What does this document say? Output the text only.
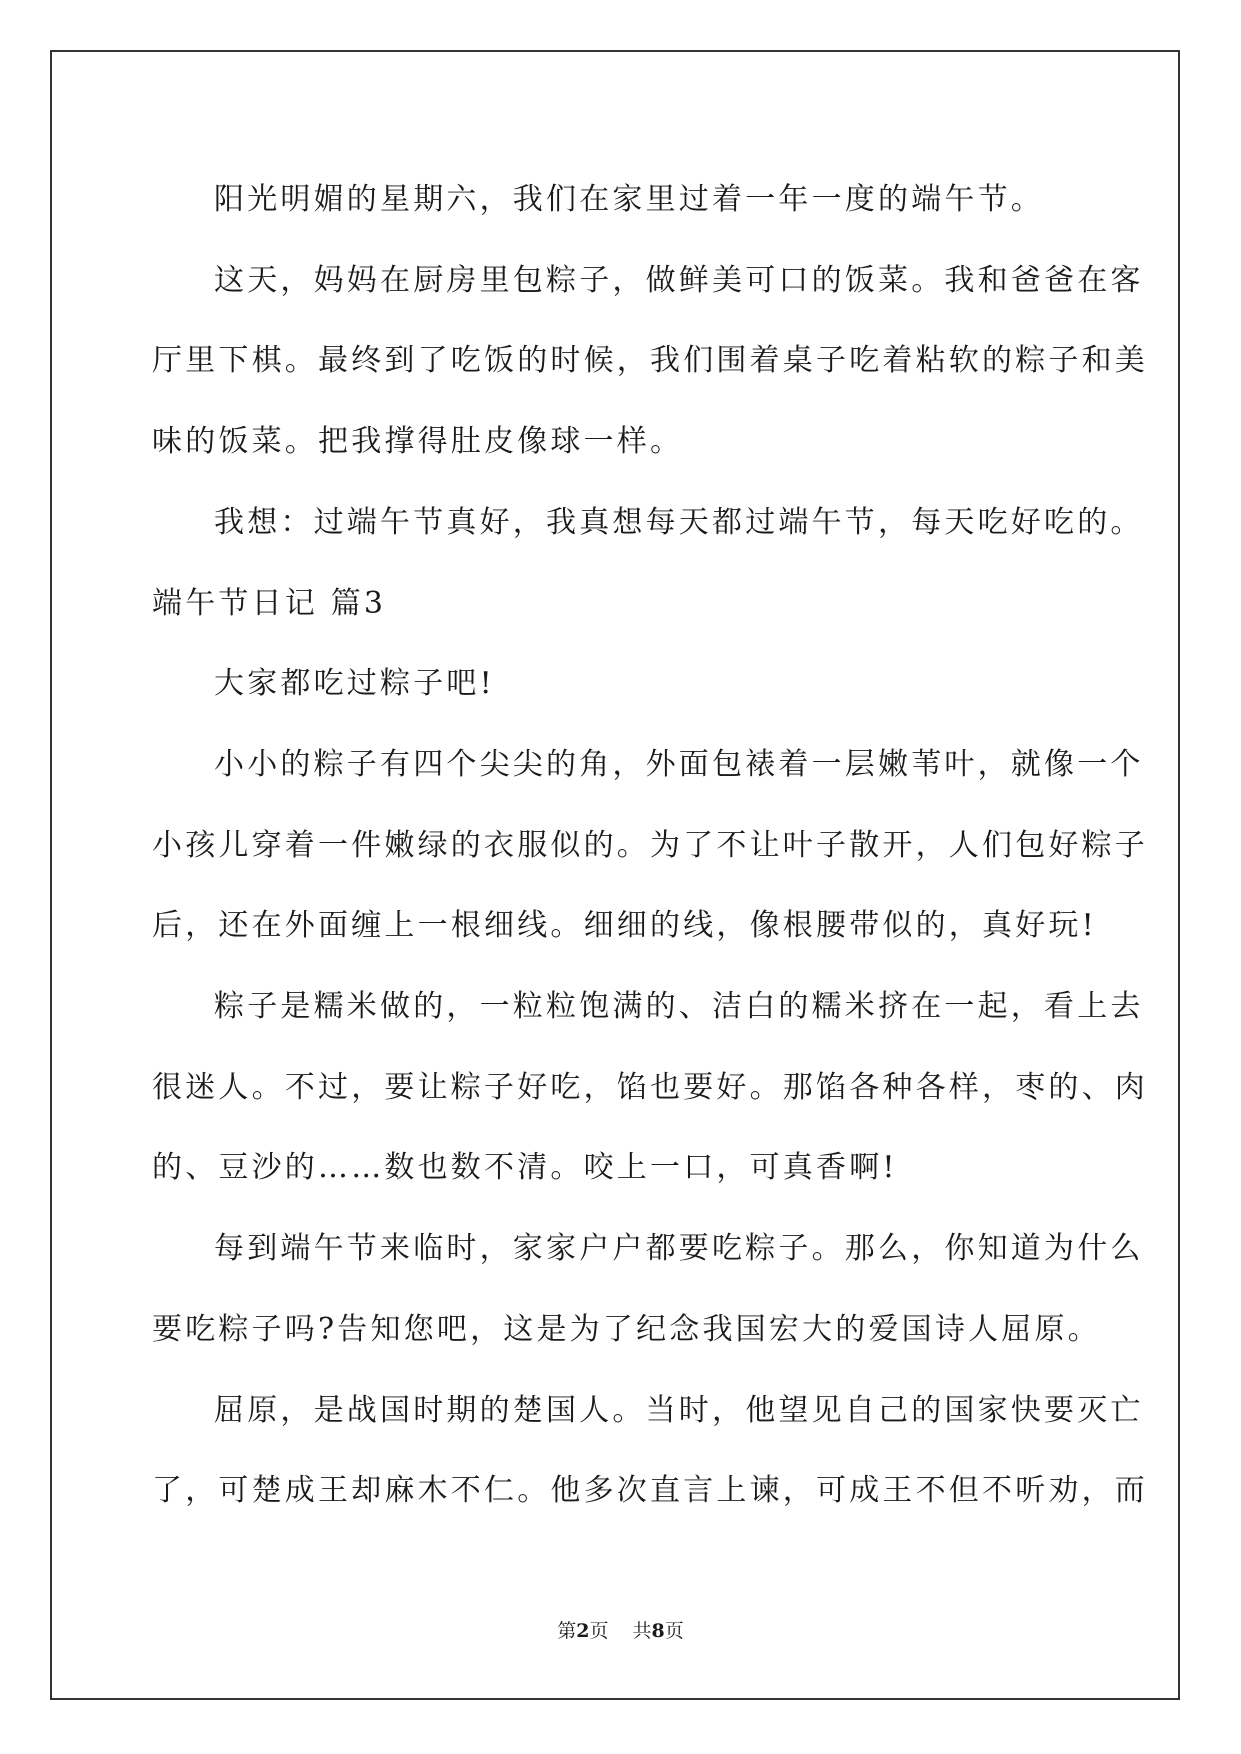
阳光明媚的星期六，我们在家里过着一年一度的端午节。

这天，妈妈在厨房里包粽子，做鲜美可口的饭菜。我和爸爸在客

厅里下棋。最终到了吃饭的时候，我们围着桌子吃着粘软的粽子和美

味的饭菜。把我撑得肚皮像球一样。

我想：过端午节真好，我真想每天都过端午节，每天吃好吃的。

端午节日记 篇3

大家都吃过粽子吧!

小小的粽子有四个尖尖的角，外面包裱着一层嫩苇叶，就像一个

小孩儿穿着一件嫩绿的衣服似的。为了不让叶子散开，人们包好粽子

后，还在外面缠上一根细线。细细的线，像根腰带似的，真好玩!

粽子是糯米做的，一粒粒饱满的、洁白的糯米挤在一起，看上去

很迷人。不过，要让粽子好吃，馅也要好。那馅各种各样，枣的、肉

的、豆沙的……数也数不清。咬上一口，可真香啊!

每到端午节来临时，家家户户都要吃粽子。那么，你知道为什么

要吃粽子吗?告知您吧，这是为了纪念我国宏大的爱国诗人屈原。

屈原，是战国时期的楚国人。当时，他望见自己的国家快要灭亡

了，可楚成王却麻木不仁。他多次直言上谏，可成王不但不听劝，而

第2页 共8页
